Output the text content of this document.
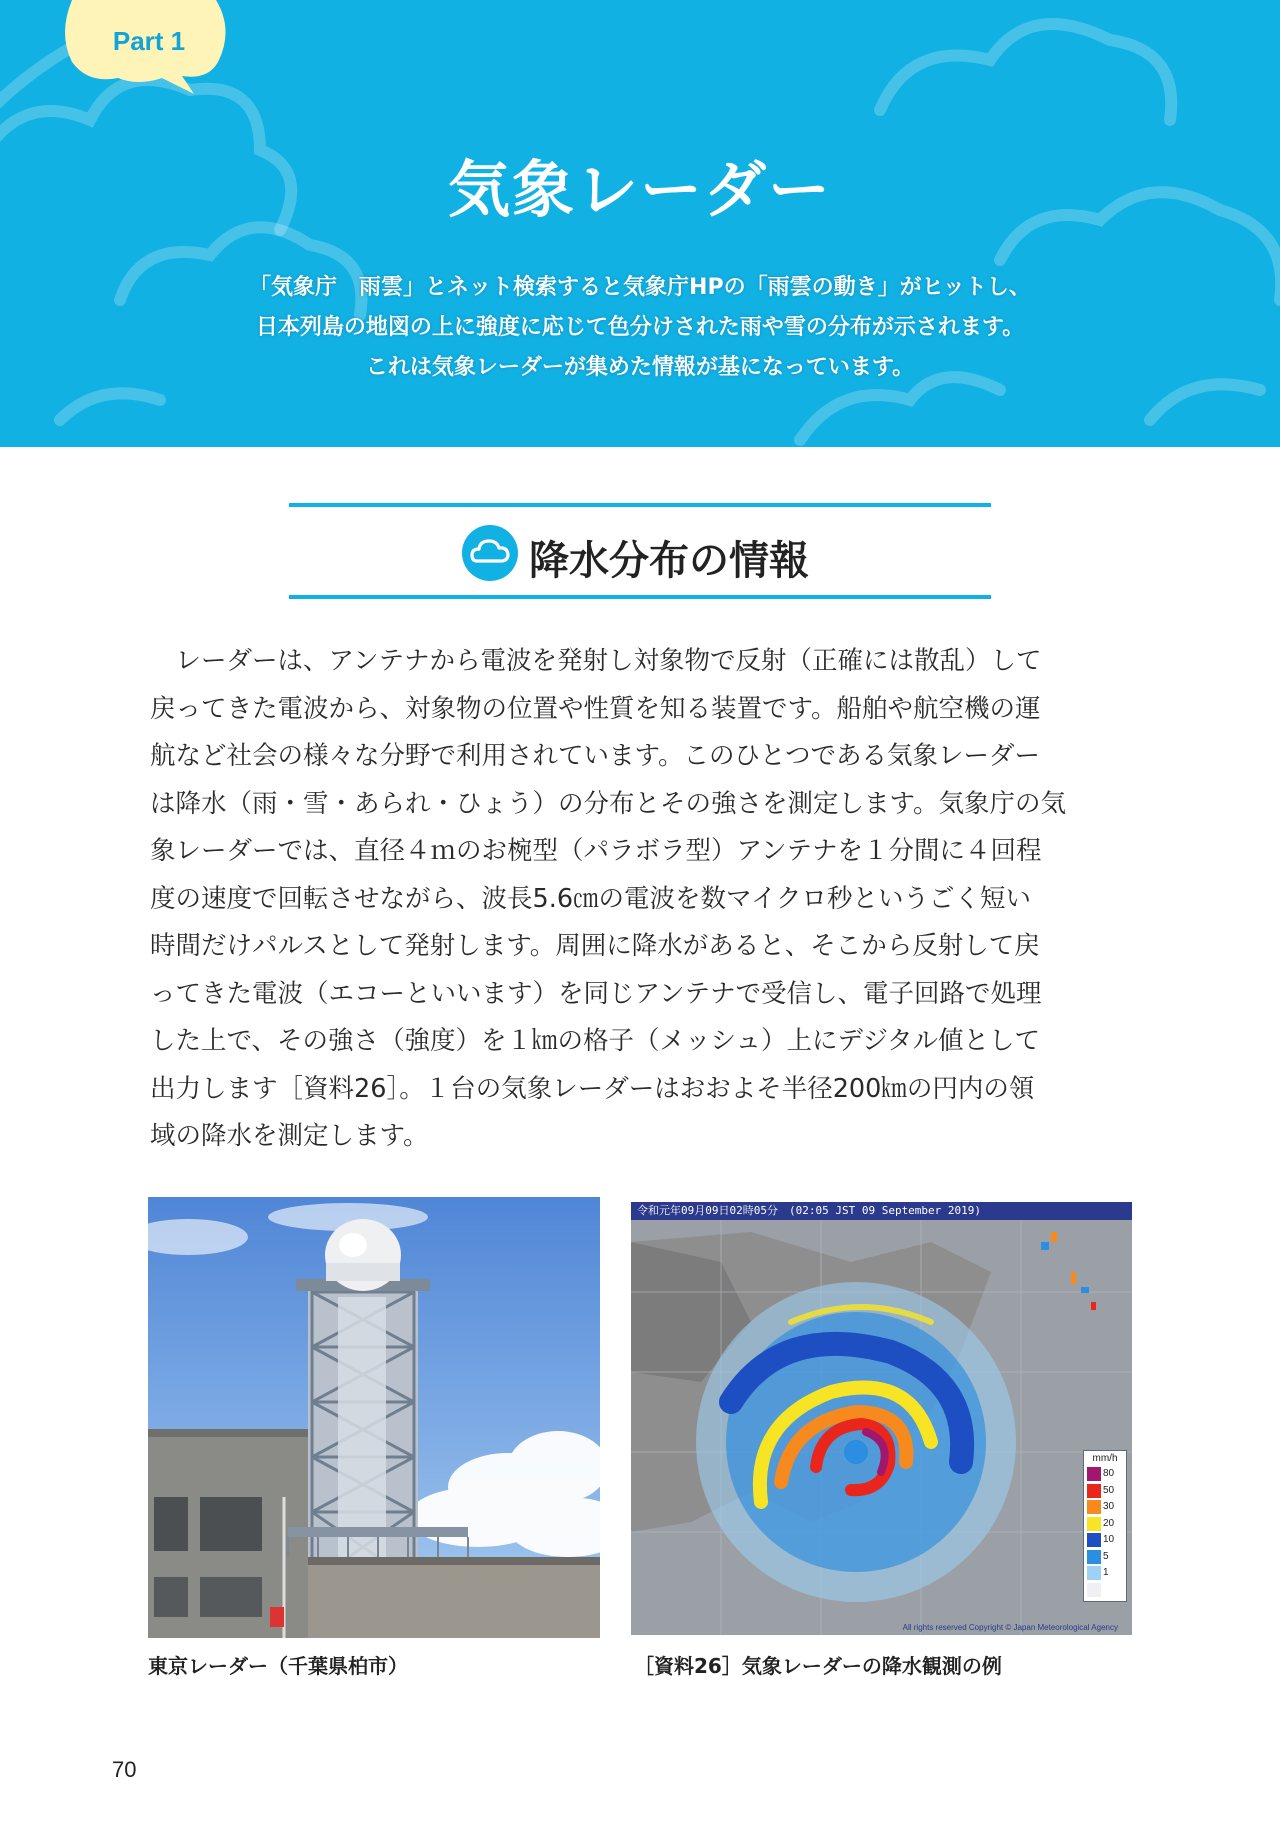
Part 1
気象レーダー
「気象庁　雨雲」とネット検索すると気象庁HPの「雨雲の動き」がヒットし、
日本列島の地図の上に強度に応じて色分けされた雨や雪の分布が示されます。
これは気象レーダーが集めた情報が基になっています。
降水分布の情報
　レーダーは、アンテナから電波を発射し対象物で反射（正確には散乱）して
戻ってきた電波から、対象物の位置や性質を知る装置です。船舶や航空機の運
航など社会の様々な分野で利用されています。このひとつである気象レーダー
は降水（雨・雪・あられ・ひょう）の分布とその強さを測定します。気象庁の気
象レーダーでは、直径４ｍのお椀型（パラボラ型）アンテナを１分間に４回程
度の速度で回転させながら、波長5.6㎝の電波を数マイクロ秒というごく短い
時間だけパルスとして発射します。周囲に降水があると、そこから反射して戻
ってきた電波（エコーといいます）を同じアンテナで受信し、電子回路で処理
した上で、その強さ（強度）を１㎞の格子（メッシュ）上にデジタル値として
出力します［資料26］。１台の気象レーダーはおおよそ半径200㎞の円内の領
域の降水を測定します。
令和元年09月09日02時05分　(02:05 JST 09 September 2019)
mm/h
80
50
30
20
10
5
1
All rights reserved Copyright © Japan Meteorological Agency
東京レーダー（千葉県柏市）	［資料26］気象レーダーの降水観測の例
70
